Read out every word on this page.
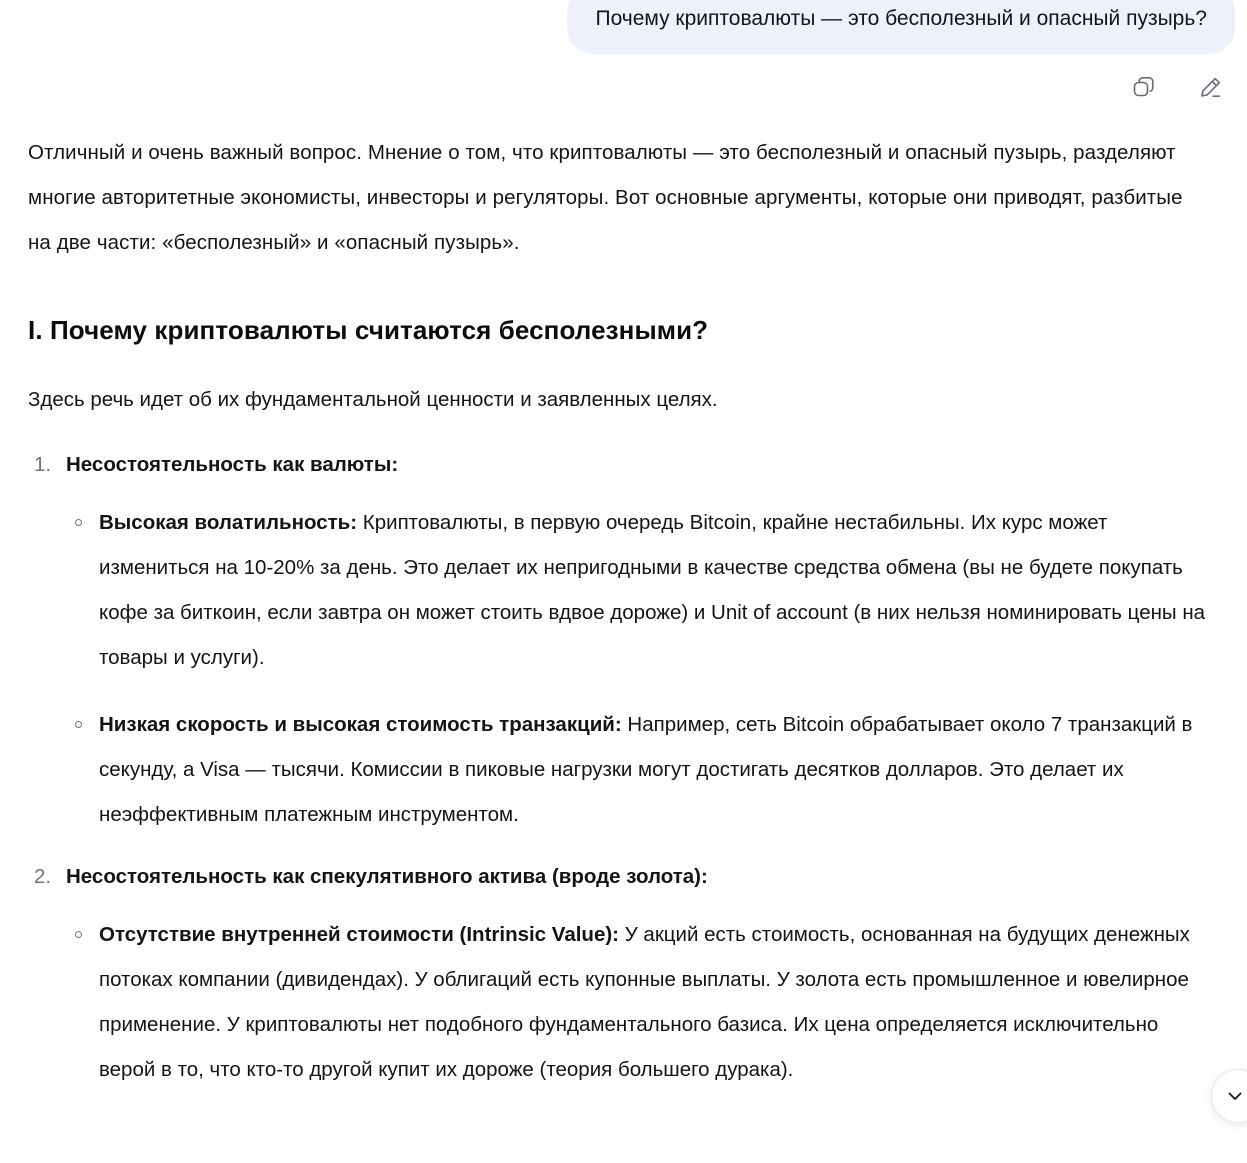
Почему криптовалюты — это бесполезный и опасный пузырь?

Отличный и очень важный вопрос. Мнение о том, что криптовалюты — это бесполезный и опасный пузырь, разделяют многие авторитетные экономисты, инвесторы и регуляторы. Вот основные аргументы, которые они приводят, разбитые на две части: «бесполезный» и «опасный пузырь».

I. Почему криптовалюты считаются бесполезными?

Здесь речь идет об их фундаментальной ценности и заявленных целях.

Несостоятельность как валюты:
Высокая волатильность: Криптовалюты, в первую очередь Bitcoin, крайне нестабильны. Их курс может измениться на 10-20% за день. Это делает их непригодными в качестве средства обмена (вы не будете покупать кофе за биткоин, если завтра он может стоить вдвое дороже) и Unit of account (в них нельзя номинировать цены на товары и услуги).
Низкая скорость и высокая стоимость транзакций: Например, сеть Bitcoin обрабатывает около 7 транзакций в секунду, а Visa — тысячи. Комиссии в пиковые нагрузки могут достигать десятков долларов. Это делает их неэффективным платежным инструментом.
Несостоятельность как спекулятивного актива (вроде золота):
Отсутствие внутренней стоимости (Intrinsic Value): У акций есть стоимость, основанная на будущих денежных потоках компании (дивидендах). У облигаций есть купонные выплаты. У золота есть промышленное и ювелирное применение. У криптовалюты нет подобного фундаментального базиса. Их цена определяется исключительно верой в то, что кто-то другой купит их дороже (теория большего дурака).
